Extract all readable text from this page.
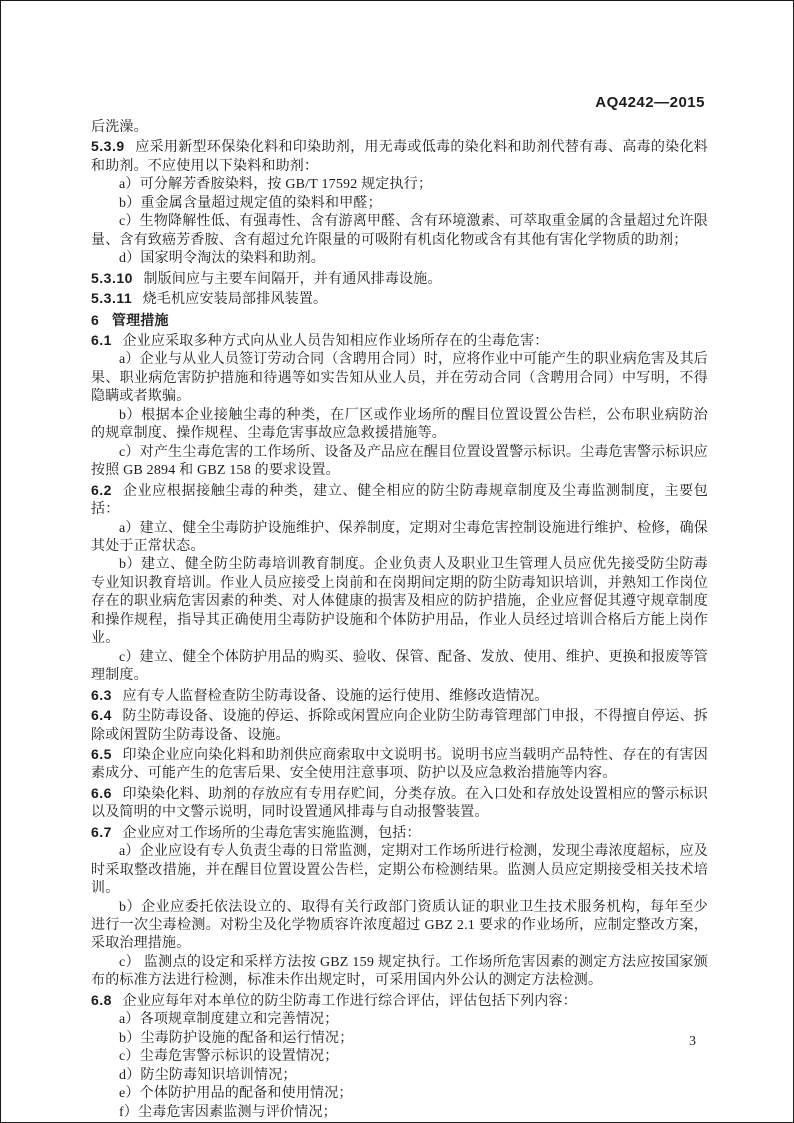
AQ4242—2015

后洗澡。

5.3.9 应采用新型环保染化料和印染助剂，用无毒或低毒的染化料和助剂代替有毒、高毒的染化料和助剂。不应使用以下染料和助剂：

a）可分解芳香胺染料，按 GB/T 17592 规定执行；

b）重金属含量超过规定值的染料和甲醛；

c）生物降解性低、有强毒性、含有游离甲醛、含有环境激素、可萃取重金属的含量超过允许限量、含有致癌芳香胺、含有超过允许限量的可吸附有机卤化物或含有其他有害化学物质的助剂；

d）国家明令淘汰的染料和助剂。

5.3.10 制版间应与主要车间隔开，并有通风排毒设施。

5.3.11 烧毛机应安装局部排风装置。

6 管理措施

6.1 企业应采取多种方式向从业人员告知相应作业场所存在的尘毒危害：

a）企业与从业人员签订劳动合同（含聘用合同）时，应将作业中可能产生的职业病危害及其后果、职业病危害防护措施和待遇等如实告知从业人员，并在劳动合同（含聘用合同）中写明，不得隐瞒或者欺骗。

b）根据本企业接触尘毒的种类，在厂区或作业场所的醒目位置设置公告栏，公布职业病防治的规章制度、操作规程、尘毒危害事故应急救援措施等。

c）对产生尘毒危害的工作场所、设备及产品应在醒目位置设置警示标识。尘毒危害警示标识应按照 GB 2894 和 GBZ 158 的要求设置。

6.2 企业应根据接触尘毒的种类，建立、健全相应的防尘防毒规章制度及尘毒监测制度，主要包括：

a）建立、健全尘毒防护设施维护、保养制度，定期对尘毒危害控制设施进行维护、检修，确保其处于正常状态。

b）建立、健全防尘防毒培训教育制度。企业负责人及职业卫生管理人员应优先接受防尘防毒专业知识教育培训。作业人员应接受上岗前和在岗期间定期的防尘防毒知识培训，并熟知工作岗位存在的职业病危害因素的种类、对人体健康的损害及相应的防护措施，企业应督促其遵守规章制度和操作规程，指导其正确使用尘毒防护设施和个体防护用品，作业人员经过培训合格后方能上岗作业。

c）建立、健全个体防护用品的购买、验收、保管、配备、发放、使用、维护、更换和报废等管理制度。

6.3 应有专人监督检查防尘防毒设备、设施的运行使用、维修改造情况。

6.4 防尘防毒设备、设施的停运、拆除或闲置应向企业防尘防毒管理部门申报，不得擅自停运、拆除或闲置防尘防毒设备、设施。

6.5 印染企业应向染化料和助剂供应商索取中文说明书。说明书应当载明产品特性、存在的有害因素成分、可能产生的危害后果、安全使用注意事项、防护以及应急救治措施等内容。

6.6 印染染化料、助剂的存放应有专用存贮间，分类存放。在入口处和存放处设置相应的警示标识以及简明的中文警示说明，同时设置通风排毒与自动报警装置。

6.7 企业应对工作场所的尘毒危害实施监测，包括：

a）企业应设有专人负责尘毒的日常监测，定期对工作场所进行检测，发现尘毒浓度超标，应及时采取整改措施，并在醒目位置设置公告栏，定期公布检测结果。监测人员应定期接受相关技术培训。

b）企业应委托依法设立的、取得有关行政部门资质认证的职业卫生技术服务机构，每年至少进行一次尘毒检测。对粉尘及化学物质容许浓度超过 GBZ 2.1 要求的作业场所，应制定整改方案，采取治理措施。

c） 监测点的设定和采样方法按 GBZ 159 规定执行。工作场所危害因素的测定方法应按国家颁布的标准方法进行检测，标准未作出规定时，可采用国内外公认的测定方法检测。

6.8 企业应每年对本单位的防尘防毒工作进行综合评估，评估包括下列内容：

a）各项规章制度建立和完善情况；

b）尘毒防护设施的配备和运行情况；

c）尘毒危害警示标识的设置情况；

d）防尘防毒知识培训情况；

e）个体防护用品的配备和使用情况；

f）尘毒危害因素监测与评价情况；

3
